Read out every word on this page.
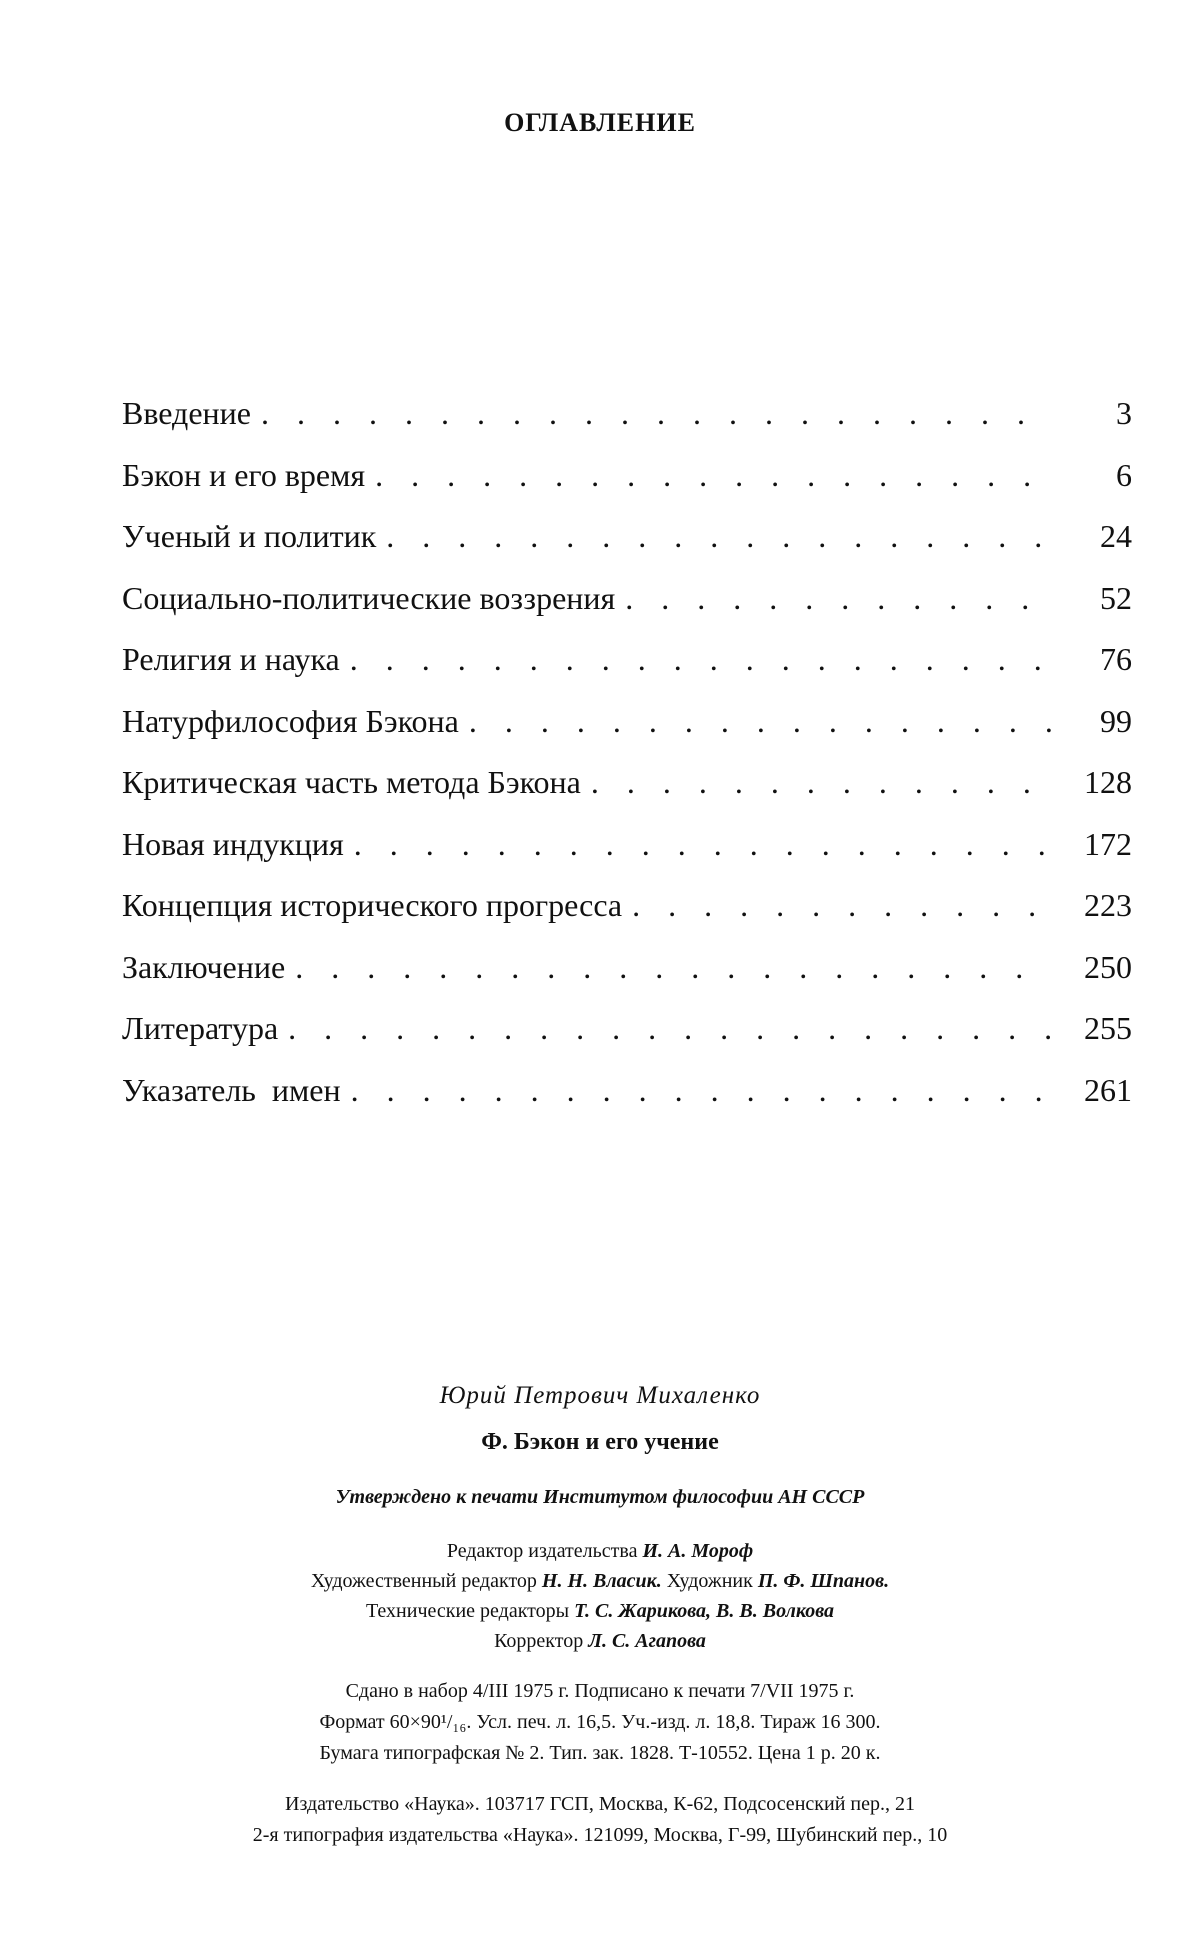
ОГЛАВЛЕНИЕ
Введение . . .	3
Бэкон и его время . . .	6
Ученый и политик . . .	24
Социально-политические воззрения . . .	52
Религия и наука . . .	76
Натурфилософия Бэкона . . .	99
Критическая часть метода Бэкона . . .	128
Новая индукция . . .	172
Концепция исторического прогресса . . .	223
Заключение . . .	250
Литература . . .	255
Указатель  имен . . .	261
Юрий Петрович Михаленко
Ф. Бэкон и его учение
Утверждено к печати Институтом философии АН СССР
Редактор издательства И. А. Мороф
Художественный редактор Н. Н. Власик. Художник П. Ф. Шпанов.
Технические редакторы Т. С. Жарикова, В. В. Волкова
Корректор Л. С. Агапова
Сдано в набор 4/III 1975 г. Подписано к печати 7/VII 1975 г.
Формат 60×90¹/₁₆. Усл. печ. л. 16,5. Уч.-изд. л. 18,8. Тираж 16 300.
Бумага типографская № 2. Тип. зак. 1828. Т-10552. Цена 1 р. 20 к.
Издательство «Наука». 103717 ГСП, Москва, К-62, Подсосенский пер., 21
2-я типография издательства «Наука». 121099, Москва, Г-99, Шубинский пер., 10
